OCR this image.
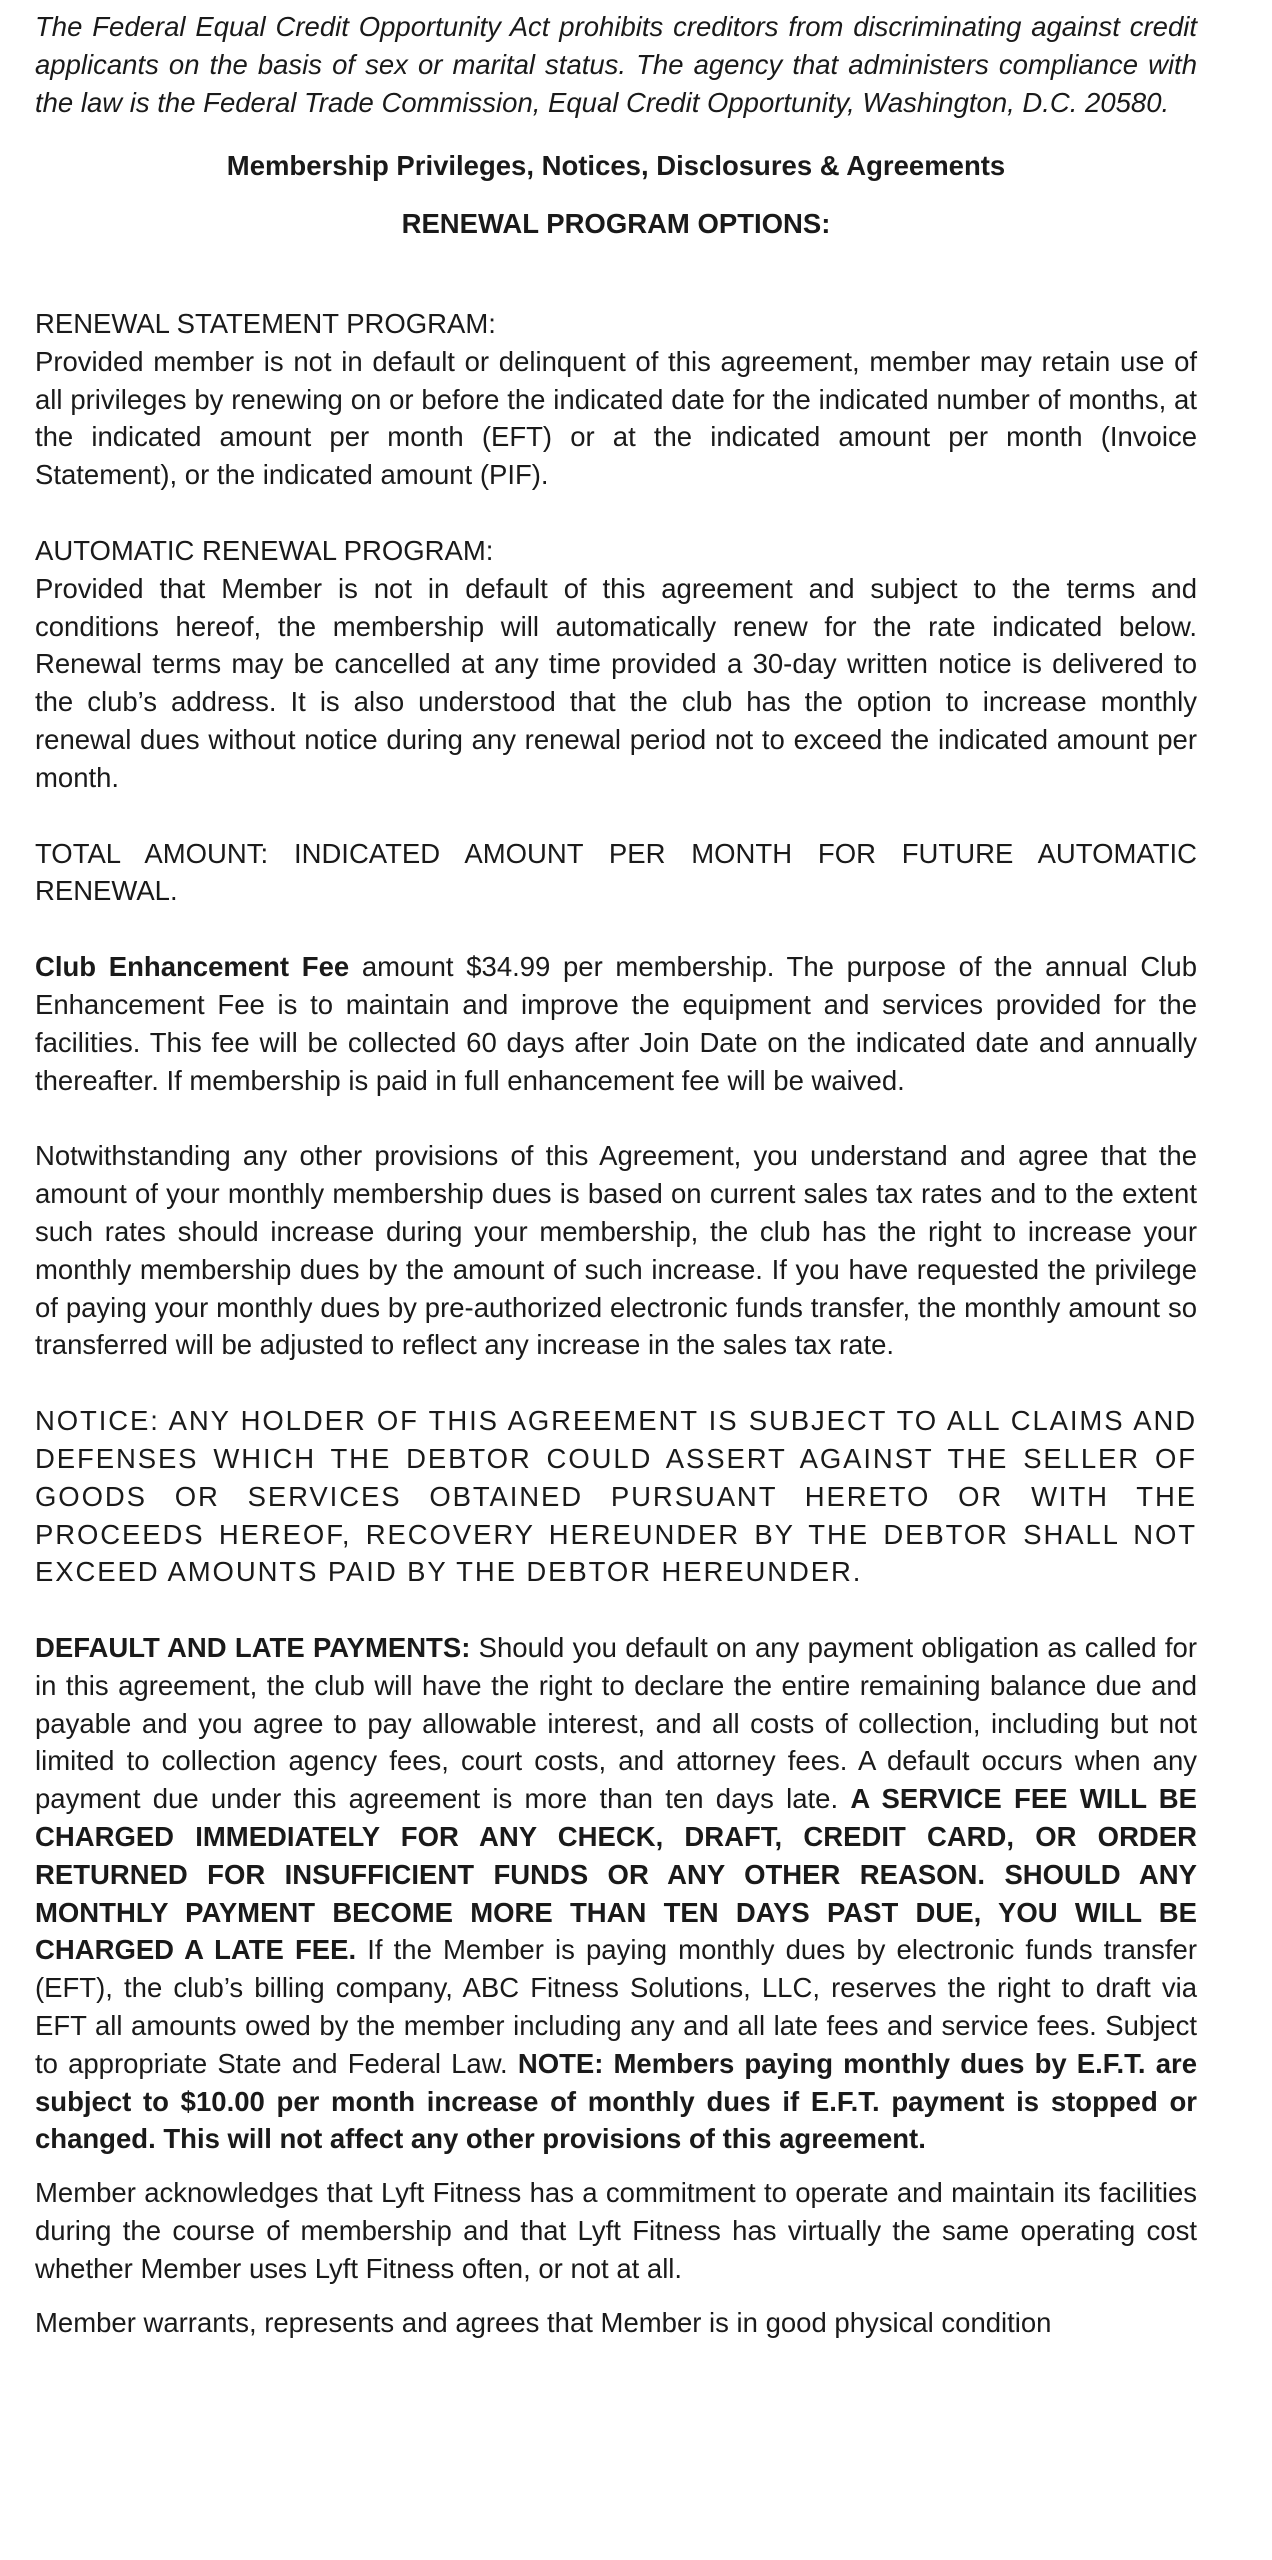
The Federal Equal Credit Opportunity Act prohibits creditors from discriminating against credit applicants on the basis of sex or marital status. The agency that administers compliance with the law is the Federal Trade Commission, Equal Credit Opportunity, Washington, D.C. 20580.

Membership Privileges, Notices, Disclosures & Agreements

RENEWAL PROGRAM OPTIONS:

RENEWAL STATEMENT PROGRAM:

Provided member is not in default or delinquent of this agreement, member may retain use of all privileges by renewing on or before the indicated date for the indicated number of months, at the indicated amount per month (EFT) or at the indicated amount per month (Invoice Statement), or the indicated amount (PIF).

AUTOMATIC RENEWAL PROGRAM:

Provided that Member is not in default of this agreement and subject to the terms and conditions hereof, the membership will automatically renew for the rate indicated below. Renewal terms may be cancelled at any time provided a 30-day written notice is delivered to the club’s address. It is also understood that the club has the option to increase monthly renewal dues without notice during any renewal period not to exceed the indicated amount per month.

TOTAL AMOUNT: INDICATED AMOUNT PER MONTH FOR FUTURE AUTOMATIC RENEWAL.

Club Enhancement Fee amount $34.99 per membership. The purpose of the annual Club Enhancement Fee is to maintain and improve the equipment and services provided for the facilities. This fee will be collected 60 days after Join Date on the indicated date and annually thereafter. If membership is paid in full enhancement fee will be waived.

Notwithstanding any other provisions of this Agreement, you understand and agree that the amount of your monthly membership dues is based on current sales tax rates and to the extent such rates should increase during your membership, the club has the right to increase your monthly membership dues by the amount of such increase. If you have requested the privilege of paying your monthly dues by pre-authorized electronic funds transfer, the monthly amount so transferred will be adjusted to reflect any increase in the sales tax rate.

NOTICE: ANY HOLDER OF THIS AGREEMENT IS SUBJECT TO ALL CLAIMS AND DEFENSES WHICH THE DEBTOR COULD ASSERT AGAINST THE SELLER OF GOODS OR SERVICES OBTAINED PURSUANT HERETO OR WITH THE PROCEEDS HEREOF, RECOVERY HEREUNDER BY THE DEBTOR SHALL NOT EXCEED AMOUNTS PAID BY THE DEBTOR HEREUNDER.

DEFAULT AND LATE PAYMENTS: Should you default on any payment obligation as called for in this agreement, the club will have the right to declare the entire remaining balance due and payable and you agree to pay allowable interest, and all costs of collection, including but not limited to collection agency fees, court costs, and attorney fees. A default occurs when any payment due under this agreement is more than ten days late. A SERVICE FEE WILL BE CHARGED IMMEDIATELY FOR ANY CHECK, DRAFT, CREDIT CARD, OR ORDER RETURNED FOR INSUFFICIENT FUNDS OR ANY OTHER REASON. SHOULD ANY MONTHLY PAYMENT BECOME MORE THAN TEN DAYS PAST DUE, YOU WILL BE CHARGED A LATE FEE. If the Member is paying monthly dues by electronic funds transfer (EFT), the club’s billing company, ABC Fitness Solutions, LLC, reserves the right to draft via EFT all amounts owed by the member including any and all late fees and service fees. Subject to appropriate State and Federal Law. NOTE: Members paying monthly dues by E.F.T. are subject to $10.00 per month increase of monthly dues if E.F.T. payment is stopped or changed. This will not affect any other provisions of this agreement.

Member acknowledges that Lyft Fitness has a commitment to operate and maintain its facilities during the course of membership and that Lyft Fitness has virtually the same operating cost whether Member uses Lyft Fitness often, or not at all.

Member warrants, represents and agrees that Member is in good physical condition
